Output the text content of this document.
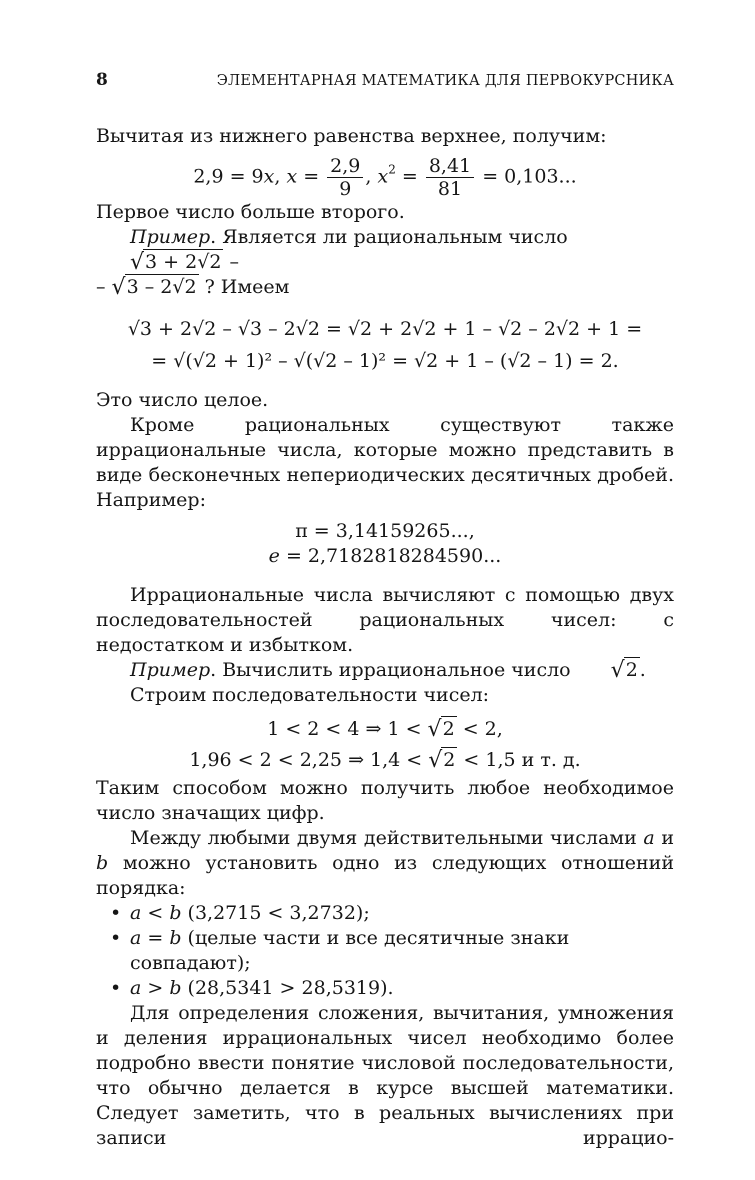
8	ЭЛЕМЕНТАРНАЯ МАТЕМАТИКА ДЛЯ ПЕРВОКУРСНИКА

Вычитая из нижнего равенства верхнее, получим:

2,9 = 9x, $x = \frac{2,9}{9}$ , $x^2 = \frac{8,41}{81} = 0,103$...

Первое число больше второго.

Пример. Является ли рациональным число √3 + 2√2 –

– √3 – 2√2 ? Имеем

√3 + 2√2 – √3 – 2√2 = √2 + 2√2 + 1 – √2 – 2√2 + 1 =
= √(√2 + 1)² – √(√2 – 1)² = √2 + 1 – (√2 – 1) = 2.

Это число целое.

Кроме рациональных существуют также иррациональные числа, которые можно представить в виде бесконечных непериодических десятичных дробей. Например:

π = 3,14159265...,
e = 2,7182818284590...

Иррациональные числа вычисляют с помощью двух последовательностей рациональных чисел: с недостатком и избытком.

Пример. Вычислить иррациональное число √2 .

Строим последовательности чисел:

1 < 2 < 4 ⇒ 1 < √2 < 2,
1,96 < 2 < 2,25 ⇒ 1,4 < √2 < 1,5 и т. д.

Таким способом можно получить любое необходимое число значащих цифр.

Между любыми двумя действительными числами a и b можно установить одно из следующих отношений порядка:

• a < b (3,2715 < 3,2732);
• a = b (целые части и все десятичные знаки совпадают);
• a > b (28,5341 > 28,5319).

Для определения сложения, вычитания, умножения и деления иррациональных чисел необходимо более подробно ввести понятие числовой последовательности, что обычно делается в курсе высшей математики. Следует заметить, что в реальных вычислениях при записи иррацио-
